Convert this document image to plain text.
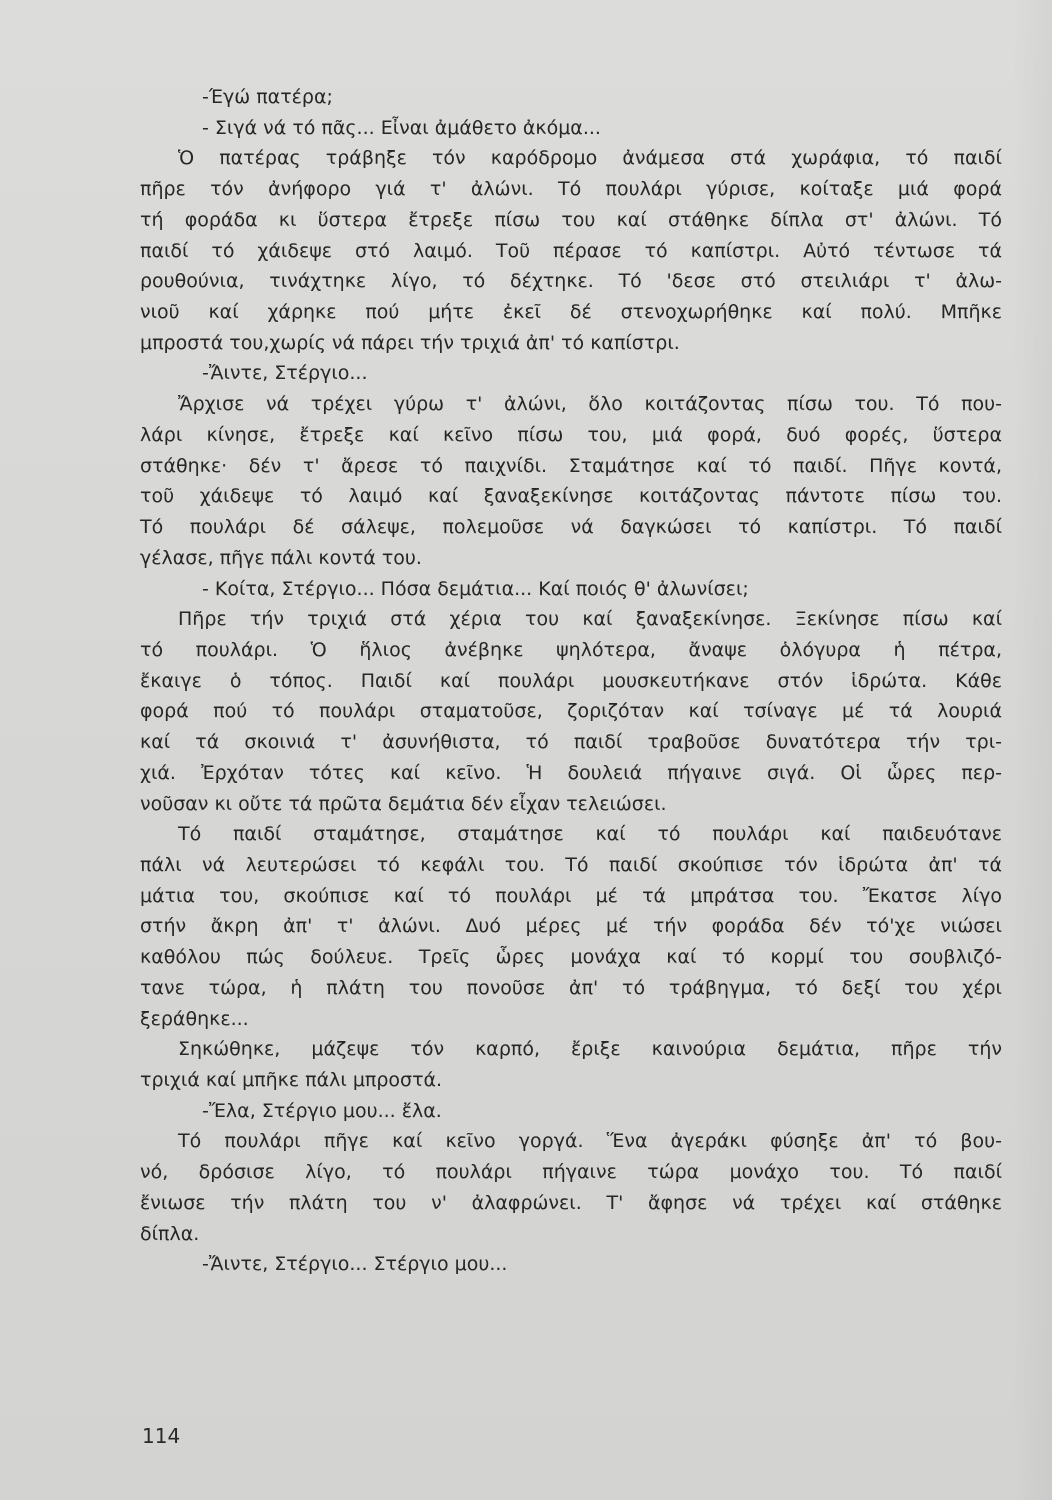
-Έγώ πατέρα;
- Σιγά νά τό πᾶς... Εἶναι ἀμάθετο ἀκόμα...
Ὁ πατέρας τράβηξε τόν καρόδρομο ἀνάμεσα στά χωράφια, τό παιδί
πῆρε τόν ἀνήφορο γιά τ' ἀλώνι. Τό πουλάρι γύρισε, κοίταξε μιά φορά
τή φοράδα κι ὕστερα ἔτρεξε πίσω του καί στάθηκε δίπλα στ' ἀλώνι. Τό
παιδί τό χάιδεψε στό λαιμό. Τοῦ πέρασε τό καπίστρι. Αὐτό τέντωσε τά
ρουθούνια, τινάχτηκε λίγο, τό δέχτηκε. Τό 'δεσε στό στειλιάρι τ' ἀλω-
νιοῦ καί χάρηκε πού μήτε ἐκεῖ δέ στενοχωρήθηκε καί πολύ. Μπῆκε
μπροστά του,χωρίς νά πάρει τήν τριχιά ἀπ' τό καπίστρι.
-Ἄιντε, Στέργιο...
Ἄρχισε νά τρέχει γύρω τ' ἀλώνι, ὅλο κοιτάζοντας πίσω του. Τό που-
λάρι κίνησε, ἔτρεξε καί κεῖνο πίσω του, μιά φορά, δυό φορές, ὕστερα
στάθηκε· δέν τ' ἄρεσε τό παιχνίδι. Σταμάτησε καί τό παιδί. Πῆγε κοντά,
τοῦ χάιδεψε τό λαιμό καί ξαναξεκίνησε κοιτάζοντας πάντοτε πίσω του.
Τό πουλάρι δέ σάλεψε, πολεμοῦσε νά δαγκώσει τό καπίστρι. Τό παιδί
γέλασε, πῆγε πάλι κοντά του.
- Κοίτα, Στέργιο... Πόσα δεμάτια... Καί ποιός θ' ἀλωνίσει;
Πῆρε τήν τριχιά στά χέρια του καί ξαναξεκίνησε. Ξεκίνησε πίσω καί
τό πουλάρι. Ὁ ἥλιος ἀνέβηκε ψηλότερα, ἄναψε ὁλόγυρα ἡ πέτρα,
ἔκαιγε ὁ τόπος. Παιδί καί πουλάρι μουσκευτήκανε στόν ἱδρώτα. Κάθε
φορά πού τό πουλάρι σταματοῦσε, ζοριζόταν καί τσίναγε μέ τά λουριά
καί τά σκοινιά τ' ἀσυνήθιστα, τό παιδί τραβοῦσε δυνατότερα τήν τρι-
χιά. Ἐρχόταν τότες καί κεῖνο. Ἡ δουλειά πήγαινε σιγά. Οἱ ὧρες περ-
νοῦσαν κι οὔτε τά πρῶτα δεμάτια δέν εἶχαν τελειώσει.
Τό παιδί σταμάτησε, σταμάτησε καί τό πουλάρι καί παιδευότανε
πάλι νά λευτερώσει τό κεφάλι του. Τό παιδί σκούπισε τόν ἱδρώτα ἀπ' τά
μάτια του, σκούπισε καί τό πουλάρι μέ τά μπράτσα του. Ἔκατσε λίγο
στήν ἄκρη ἀπ' τ' ἀλώνι. Δυό μέρες μέ τήν φοράδα δέν τό'χε νιώσει
καθόλου πώς δούλευε. Τρεῖς ὧρες μονάχα καί τό κορμί του σουβλιζό-
τανε τώρα, ἡ πλάτη του πονοῦσε ἀπ' τό τράβηγμα, τό δεξί του χέρι
ξεράθηκε...
Σηκώθηκε, μάζεψε τόν καρπό, ἔριξε καινούρια δεμάτια, πῆρε τήν
τριχιά καί μπῆκε πάλι μπροστά.
-Ἔλα, Στέργιο μου... ἔλα.
Τό πουλάρι πῆγε καί κεῖνο γοργά. Ἕνα ἀγεράκι φύσηξε ἀπ' τό βου-
νό, δρόσισε λίγο, τό πουλάρι πήγαινε τώρα μονάχο του. Τό παιδί
ἔνιωσε τήν πλάτη του ν' ἀλαφρώνει. Τ' ἄφησε νά τρέχει καί στάθηκε
δίπλα.
-Ἄιντε, Στέργιο... Στέργιο μου...
114
